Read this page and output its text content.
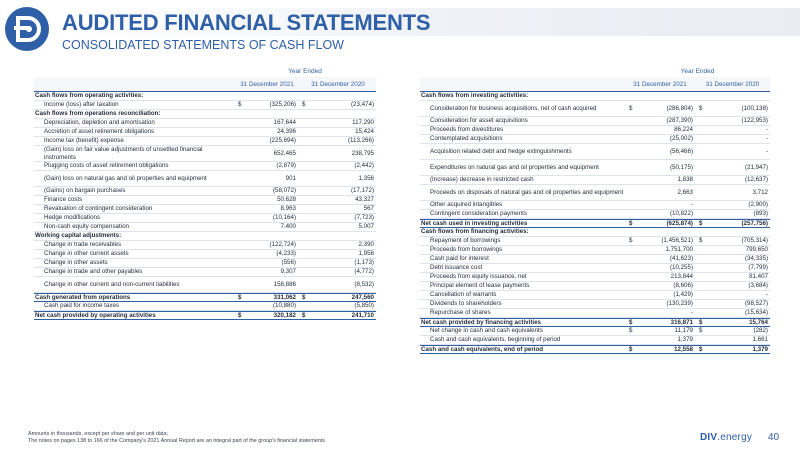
AUDITED FINANCIAL STATEMENTS
CONSOLIDATED STATEMENTS OF CASH FLOW
Year Ended
31 December 2021	31 December 2020
Cash flows from operating activities:
Income (loss) after taxation	$	(325,206) $	(23,474)
Cash flows from operations reconciliation:
Depreciation, depletion and amortisation	167,644	117,290
Accretion of asset retirement obligations	24,396	15,424
Income tax (benefit) expense	(225,694)	(113,266)
(Gain) loss on fair value adjustments of unsettled financial instruments
652,465	238,795
Plugging costs of asset retirement obligations	(2,879)	(2,442)
(Gain) loss on natural gas and oil properties and equipment	901	1,356
(Gains) on bargain purchases	(58,072)	(17,172)
Finance costs	50,628	43,327
Revaluation of contingent consideration	8,963	567
Hedge modifications	(10,164)	(7,723)
Non-cash equity compensation	7,400	5,007
Working capital adjustments:
Change in trade receivables	(122,724)	2,390
Change in other current assets	(4,233)	1,958
Change in other assets	(556)	(1,173)
Change in trade and other payables	9,307	(4,772)
Change in other current and non-current liabilities	158,886	(8,532)
Cash generated from operations	$	331,062 $	247,560
Cash paid for income taxes	(10,880)	(5,850)
Net cash provided by operating activities	$	320,182 $	241,710
Year Ended
31 December 2021	31 December 2020
Cash flows from investing activities:
Consideration for business acquisitions, net of cash acquired	$	(286,804) $	(100,138)
Consideration for asset acquisitions	(287,390)	(122,953)
Proceeds from divestitures	86,224	-
Contemplated acquisitions	(25,002)	-
Acquisition related debt and hedge extinguishments	(56,466)	-
Expenditures on natural gas and oil properties and equipment	(50,175)	(21,947)
(Increase) decrease in restricted cash	1,838	(12,637)
Proceeds on disposals of natural gas and oil properties and equipment	2,663	3,712
Other acquired intangibles	-	(2,900)
Contingent consideration payments	(10,822)	(893)
Net cash used in investing activities	$	(625,874) $	(257,756)
Cash flows from financing activities:
Repayment of borrowings	$	(1,456,521) $	(705,314)
Proceeds from borrowings	1,751,700	799,650
Cash paid for interest	(41,623)	(34,335)
Debt issuance cost	(10,255)	(7,799)
Proceeds from equity issuance, net	213,844	81,407
Principal element of lease payments	(8,606)	(3,684)
Cancellation of warrants	(1,429)	-
Dividends to shareholders	(130,239)	(98,527)
Repurchase of shares	-	(15,634)
Net cash provided by financing activities	$	316,871 $	15,764
Net change in cash and cash equivalents	$	11,179 $	(282)
Cash and cash equivalents, beginning of period	1,379	1,661
Cash and cash equivalents, end of period	$	12,558 $	1,379
Amounts in thousands, except per share and per unit data;
The notes on pages 138 to 166 of the Company's 2021 Annual Report are an integral part of the group's financial statements	DIV.energy 40
